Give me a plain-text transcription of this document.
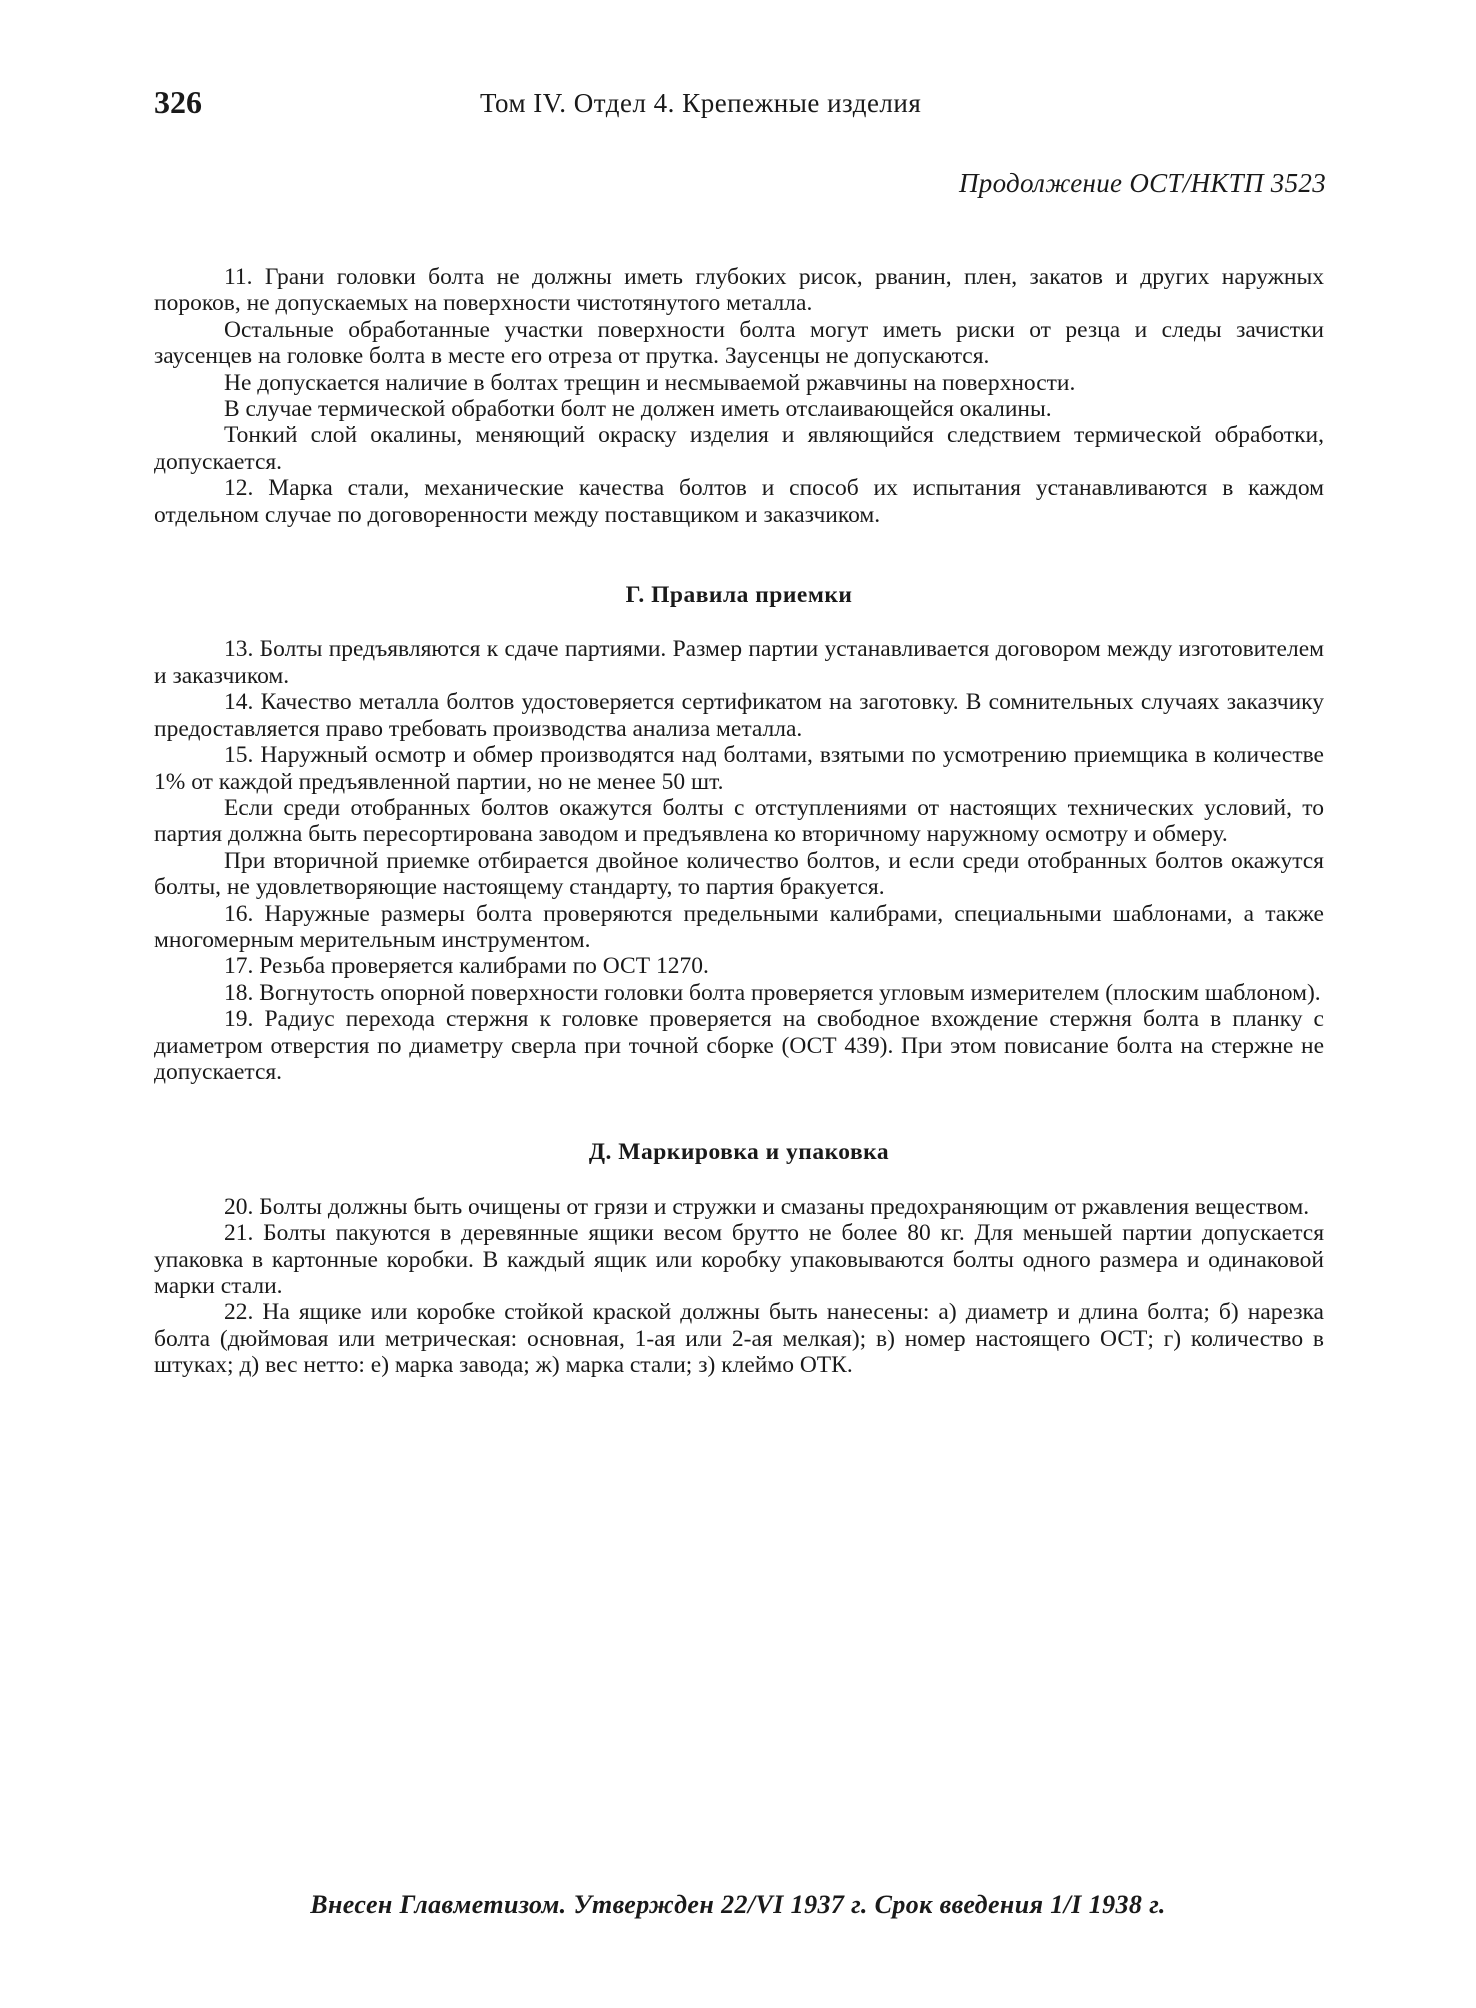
326	Том IV. Отдел 4. Крепежные изделия
Продолжение ОСТ/НКТП 3523

11. Грани головки болта не должны иметь глубоких рисок, рванин, плен, закатов и других наружных пороков, не допускаемых на поверхности чистотянутого металла.

Остальные обработанные участки поверхности болта могут иметь риски от резца и следы зачистки заусенцев на головке болта в месте его отреза от прутка. Заусенцы не допускаются.

Не допускается наличие в болтах трещин и несмываемой ржавчины на поверхности.

В случае термической обработки болт не должен иметь отслаивающейся окалины.

Тонкий слой окалины, меняющий окраску изделия и являющийся следствием термической обработки, допускается.

12. Марка стали, механические качества болтов и способ их испытания устанавливаются в каждом отдельном случае по договоренности между поставщиком и заказчиком.

Г. Правила приемки

13. Болты предъявляются к сдаче партиями. Размер партии устанавливается договором между изготовителем и заказчиком.

14. Качество металла болтов удостоверяется сертификатом на заготовку. В сомнительных случаях заказчику предоставляется право требовать производства анализа металла.

15. Наружный осмотр и обмер производятся над болтами, взятыми по усмотрению приемщика в количестве 1% от каждой предъявленной партии, но не менее 50 шт.

Если среди отобранных болтов окажутся болты с отступлениями от настоящих технических условий, то партия должна быть пересортирована заводом и предъявлена ко вторичному наружному осмотру и обмеру.

При вторичной приемке отбирается двойное количество болтов, и если среди отобранных болтов окажутся болты, не удовлетворяющие настоящему стандарту, то партия бракуется.

16. Наружные размеры болта проверяются предельными калибрами, специальными шаблонами, а также многомерным мерительным инструментом.

17. Резьба проверяется калибрами по ОСТ 1270.

18. Вогнутость опорной поверхности головки болта проверяется угловым измерителем (плоским шаблоном).

19. Радиус перехода стержня к головке проверяется на свободное вхождение стержня болта в планку с диаметром отверстия по диаметру сверла при точной сборке (ОСТ 439). При этом повисание болта на стержне не допускается.

Д. Маркировка и упаковка

20. Болты должны быть очищены от грязи и стружки и смазаны предохраняющим от ржавления веществом.

21. Болты пакуются в деревянные ящики весом брутто не более 80 кг. Для меньшей партии допускается упаковка в картонные коробки. В каждый ящик или коробку упаковываются болты одного размера и одинаковой марки стали.

22. На ящике или коробке стойкой краской должны быть нанесены: а) диаметр и длина болта; б) нарезка болта (дюймовая или метрическая: основная, 1-ая или 2-ая мелкая); в) номер настоящего ОСТ; г) количество в штуках; д) вес нетто: е) марка завода; ж) марка стали; з) клеймо ОТК.

Внесен Главметизом. Утвержден 22/VI 1937 г. Срок введения 1/I 1938 г.
